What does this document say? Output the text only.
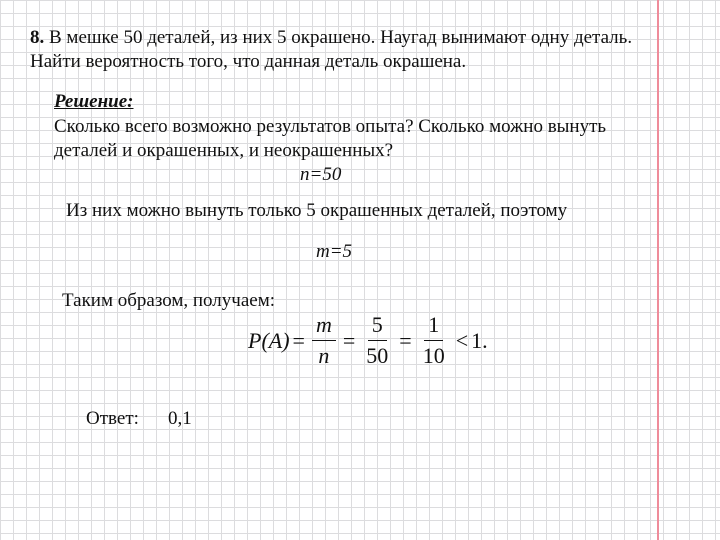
8. В мешке 50 деталей, из них 5 окрашено. Наугад вынимают одну деталь.
Найти вероятность того, что данная деталь окрашена.
Решение:
Сколько всего возможно результатов опыта? Сколько можно вынуть
деталей и окрашенных, и неокрашенных?
n=50
Из них можно вынуть только 5 окрашенных деталей, поэтому
m=5
Таким образом, получаем:
$P(A) = \frac{m}{n} = \frac{5}{50} = \frac{1}{10} < 1$.
Ответ: 0,1
